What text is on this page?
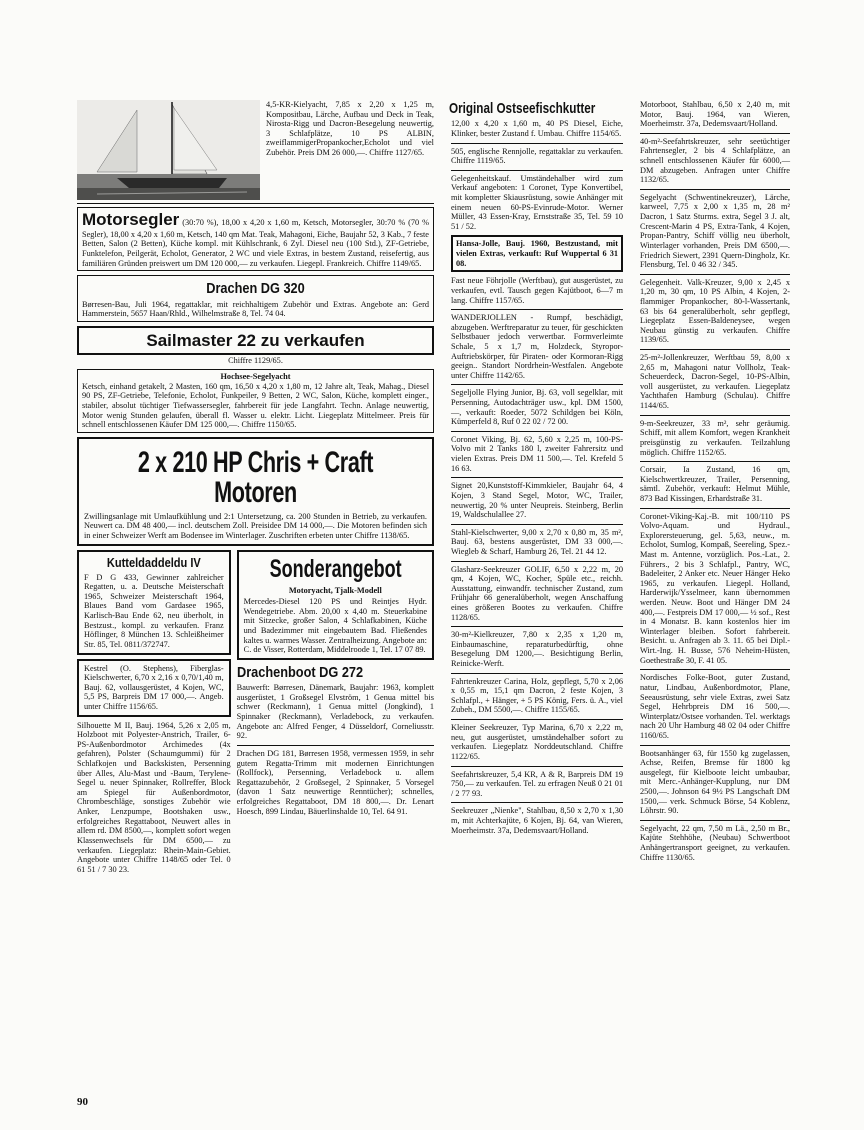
4,5-KR-Kielyacht, 7,85 x 2,20 x 1,25 m, Kompositbau, Lärche, Aufbau und Deck in Teak, Nirosta-Rigg und Dacron-Besegelung neuwertig, 3 Schlafplätze, 10 PS ALBIN, zweiflammigerPropankocher,Echolot und viel Zubehör. Preis DM 26 000,—. Chiffre 1127/65.

Motorsegler (30:70 %), 18,00 x 4,20 x 1,60 m, Ketsch, Motorsegler, 30:70 % (70 % Segler), 18,00 x 4,20 x 1,60 m, Ketsch, 140 qm Mat. Teak, Mahagoni, Eiche, Baujahr 52, 3 Kab., 7 feste Betten, Salon (2 Betten), Küche kompl. mit Kühlschrank, 6 Zyl. Diesel neu (100 Std.), ZF-Getriebe, Funktelefon, Peilgerät, Echolot, Generator, 2 WC und viele Extras, in bestem Zustand, reisefertig, aus familiären Gründen preiswert um DM 120 000,— zu verkaufen. Liegepl. Frankreich. Chiffre 1149/65.
Drachen DG 320
Børresen-Bau, Juli 1964, regattaklar, mit reichhaltigem Zubehör und Extras. Angebote an: Gerd Hammerstein, 5657 Haan/Rhld., Wilhelmstraße 8, Tel. 74 04.
Sailmaster 22 zu verkaufen
Chiffre 1129/65.
Hochsee-Segelyacht
Ketsch, einhand getakelt, 2 Masten, 160 qm, 16,50 x 4,20 x 1,80 m, 12 Jahre alt, Teak, Mahag., Diesel 90 PS, ZF-Getriebe, Telefonie, Echolot, Funkpeiler, 9 Betten, 2 WC, Salon, Küche, komplett einger., stabiler, absolut tüchtiger Tiefwassersegler, fahrbereit für jede Langfahrt. Techn. Anlage neuwertig, Motor wenig Stunden gelaufen, überall fl. Wasser u. elektr. Licht. Liegeplatz Mittelmeer. Preis für schnell entschlossenen Käufer DM 125 000,—. Chiffre 1150/65.
2 x 210 HP Chris + Craft Motoren
Zwillingsanlage mit Umlaufkühlung und 2:1 Untersetzung, ca. 200 Stunden in Betrieb, zu verkaufen. Neuwert ca. DM 48 400,— incl. deutschem Zoll. Preisidee DM 14 000,—. Die Motoren befinden sich in einer Schweizer Werft am Bodensee im Winterlager. Zuschriften erbeten unter Chiffre 1138/65.
Kutteldaddeldu IV
F D G 433, Gewinner zahlreicher Regatten, u. a. Deutsche Meisterschaft 1965, Schweizer Meisterschaft 1964, Blaues Band vom Gardasee 1965, Karlisch-Bau Ende 62, neu überholt, in Bestzust., kompl. zu verkaufen. Franz Höflinger, 8 München 13. Schleißheimer Str. 85, Tel. 0811/372747.
Kestrel (O. Stephens), Fiberglas-Kielschwerter, 6,70 x 2,16 x 0,70/1,40 m, Bauj. 62, vollausgerüstet, 4 Kojen, WC, 5,5 PS, Barpreis DM 17 000,—. Angeb. unter Chiffre 1156/65.

Silhouette M II, Bauj. 1964, 5,26 x 2,05 m, Holzboot mit Polyester-Anstrich, Trailer, 6-PS-Außenbordmotor Archimedes (4x gefahren), Polster (Schaumgummi) für 2 Schlafkojen und Backskisten, Persenning über Alles, Alu-Mast und -Baum, Terylene-Segel u. neuer Spinnaker, Rollreffer, Block am Spiegel für Außenbordmotor, Chrombeschläge, sonstiges Zubehör wie Anker, Lenzpumpe, Bootshaken usw., erfolgreiches Regattaboot, Neuwert alles in allem rd. DM 8500,—, komplett sofort wegen Klassenwechsels für DM 6500,— zu verkaufen. Liegeplatz: Rhein-Main-Gebiet. Angebote unter Chiffre 1148/65 oder Tel. 0 61 51 / 7 30 23.

Sonderangebot
Motoryacht, Tjalk-Modell
Mercedes-Diesel 120 PS und Reintjes Hydr. Wendegetriebe. Abm. 20,00 x 4,40 m. Steuerkabine mit Sitzecke, großer Salon, 4 Schlafkabinen, Küche und Badezimmer mit eingebautem Bad. Fließendes kaltes u. warmes Wasser. Zentralheizung. Angebote an: C. de Visser, Rotterdam, Middelroode 1, Tel. 17 07 89.
Drachenboot DG 272

Bauwerft: Børresen, Dänemark, Baujahr: 1963, komplett ausgerüstet, 1 Großsegel Elvström, 1 Genua mittel bis schwer (Reckmann), 1 Genua mittel (Jongkind), 1 Spinnaker (Reckmann), Verladebock, zu verkaufen. Angebote an: Alfred Fenger, 4 Düsseldorf, Corneliusstr. 92.

Drachen DG 181, Børresen 1958, vermessen 1959, in sehr gutem Regatta-Trimm mit modernen Einrichtungen (Rollfock), Persenning, Verladebock u. allem Regattazubehör, 2 Großsegel, 2 Spinnaker, 5 Vorsegel (davon 1 Satz neuwertige Renntücher); schnelles, erfolgreiches Regattaboot, DM 18 800,—. Dr. Lenart Hoesch, 899 Lindau, Bäuerlinshalde 10, Tel. 64 91.

Original Ostseefischkutter

12,00 x 4,20 x 1,60 m, 40 PS Diesel, Eiche, Klinker, bester Zustand f. Umbau. Chiffre 1154/65.

505, englische Rennjolle, regattaklar zu verkaufen. Chiffre 1119/65.

Gelegenheitskauf. Umständehalber wird zum Verkauf angeboten: 1 Coronet, Type Konvertibel, mit kompletter Skiausrüstung, sowie Anhänger mit einem neuen 60-PS-Evinrude-Motor. Werner Müller, 43 Essen-Kray, Ernststraße 35, Tel. 59 10 51 / 52.

Hansa-Jolle, Bauj. 1960, Bestzustand, mit vielen Extras, verkauft: Ruf Wuppertal 6 31 08.

Fast neue Föhrjolle (Werftbau), gut ausgerüstet, zu verkaufen, evtl. Tausch gegen Kajütboot, 6—7 m lang. Chiffre 1157/65.

WANDERJOLLEN - Rumpf, beschädigt, abzugeben. Werftreparatur zu teuer, für geschickten Selbstbauer jedoch verwertbar. Formverleimte Schale, 5 x 1,7 m, Holzdeck, Styropor-Auftriebskörper, für Piraten- oder Kormoran-Rigg geeign.. Standort Nordrhein-Westfalen. Angebote unter Chiffre 1142/65.

Segeljolle Flying Junior, Bj. 63, voll segelklar, mit Persenning, Autodachträger usw., kpl. DM 1500,—, verkauft: Roeder, 5072 Schildgen bei Köln, Kümperfeld 8, Ruf 0 22 02 / 72 00.

Coronet Viking, Bj. 62, 5,60 x 2,25 m, 100-PS-Volvo mit 2 Tanks 180 l, zweiter Fahrersitz und vielen Extras. Preis DM 11 500,—. Tel. Krefeld 5 16 63.

Signet 20,Kunststoff-Kimmkieler, Baujahr 64, 4 Kojen, 3 Stand Segel, Motor, WC, Trailer, neuwertig, 20 % unter Neupreis. Steinberg, Berlin 19, Waldschulallee 27.

Stahl-Kielschwerter, 9,00 x 2,70 x 0,80 m, 35 m², Bauj. 63, bestens ausgerüstet, DM 33 000,—. Wiegleb & Scharf, Hamburg 26, Tel. 21 44 12.

Glasharz-Seekreuzer GOLIF, 6,50 x 2,22 m, 20 qm, 4 Kojen, WC, Kocher, Spüle etc., reichh. Ausstattung, einwandfr. technischer Zustand, zum Frühjahr 66 generalüberholt, wegen Anschaffung eines größeren Bootes zu verkaufen. Chiffre 1128/65.

30-m²-Kielkreuzer, 7,80 x 2,35 x 1,20 m, Einbaumaschine, reparaturbedürftig, ohne Besegelung DM 1200,—. Besichtigung Berlin, Reinicke-Werft.

Fahrtenkreuzer Carina, Holz, gepflegt, 5,70 x 2,06 x 0,55 m, 15,1 qm Dacron, 2 feste Kojen, 3 Schlafpl., + Hänger, + 5 PS König, Fers. ü. A., viel Zubeh., DM 5500,—. Chiffre 1155/65.

Kleiner Seekreuzer, Typ Marina, 6,70 x 2,22 m, neu, gut ausgerüstet, umständehalber sofort zu verkaufen. Liegeplatz Norddeutschland. Chiffre 1122/65.

Seefahrtskreuzer, 5,4 KR, A & R, Barpreis DM 19 750,— zu verkaufen. Tel. zu erfragen Neuß 0 21 01 / 2 77 93.

Seekreuzer „Nienke", Stahlbau, 8,50 x 2,70 x 1,30 m, mit Achterkajüte, 6 Kojen, Bj. 64, van Wieren, Moerheimstr. 37a, Dedemsvaart/Holland.

Motorboot, Stahlbau, 6,50 x 2,40 m, mit Motor, Bauj. 1964, van Wieren, Moerheimstr. 37a, Dedemsvaart/Holland.

40-m²-Seefahrtskreuzer, sehr seetüchtiger Fahrtensegler, 2 bis 4 Schlafplätze, an schnell entschlossenen Käufer für 6000,— DM abzugeben. Anfragen unter Chiffre 1132/65.

Segelyacht (Schwentinekreuzer), Lärche, karweel, 7,75 x 2,00 x 1,35 m, 28 m² Dacron, 1 Satz Sturms. extra, Segel 3 J. alt, Crescent-Marin 4 PS, Extra-Tank, 4 Kojen, Propan-Pantry, Schiff völlig neu überholt, Winterlager vorhanden, Preis DM 6500,—. Friedrich Siewert, 2391 Quern-Dingholz, Kr. Flensburg, Tel. 0 46 32 / 345.

Gelegenheit. Valk-Kreuzer, 9,00 x 2,45 x 1,20 m, 30 qm, 10 PS Albin, 4 Kojen, 2-flammiger Propankocher, 80-l-Wassertank, 63 bis 64 generalüberholt, sehr gepflegt, Liegeplatz Essen-Baldeneysee, wegen Neubau günstig zu verkaufen. Chiffre 1139/65.

25-m²-Jollenkreuzer, Werftbau 59, 8,00 x 2,65 m, Mahagoni natur Vollholz, Teak-Scheuerdeck, Dacron-Segel, 10-PS-Albin, voll ausgerüstet, zu verkaufen. Liegeplatz Yachthafen Hamburg (Schulau). Chiffre 1144/65.

9-m-Seekreuzer, 33 m², sehr geräumig. Schiff, mit allem Komfort, wegen Krankheit preisgünstig zu verkaufen. Teilzahlung möglich. Chiffre 1152/65.

Corsair, Ia Zustand, 16 qm, Kielschwertkreuzer, Trailer, Persenning, sämtl. Zubehör, verkauft: Helmut Mühle, 873 Bad Kissingen, Erhardstraße 31.

Coronet-Viking-Kaj.-B. mit 100/110 PS Volvo-Aquam. und Hydraul., Explorersteuerung, gel. 5,63, neuw., m. Echolot, Sumlog, Kompaß, Seereling, Spez.-Mast m. Antenne, vorzüglich. Pos.-Lat., 2. Führers., 2 bis 3 Schlafpl., Pantry, WC, Badeleiter, 2 Anker etc. Neuer Hänger Heko 1965, zu verkaufen. Liegepl. Holland, Harderwijk/Ysselmeer, kann übernommen werden. Neuw. Boot und Hänger DM 24 400,—. Festpreis DM 17 000,— ½ sof., Rest in 4 Monatsr. B. kann kostenlos hier im Winterlager bleiben. Sofort fahrbereit. Besicht. u. Anfragen ab 3. 11. 65 bei Dipl.-Wirt.-Ing. H. Busse, 576 Neheim-Hüsten, Goethestraße 30, F. 41 05.

Nordisches Folke-Boot, guter Zustand, natur, Lindbau, Außenbordmotor, Plane, Seeausrüstung, sehr viele Extras, zwei Satz Segel, Hehrbpreis DM 16 500,—. Winterplatz/Ostsee vorhanden. Tel. werktags nach 20 Uhr Hamburg 48 02 04 oder Chiffre 1160/65.

Bootsanhänger 63, für 1550 kg zugelassen, Achse, Reifen, Bremse für 1800 kg ausgelegt, für Kielboote leicht umbaubar, mit Merc.-Anhänger-Kupplung, nur DM 2500,—. Johnson 64 9½ PS Langschaft DM 1500,— verk. Schmuck Börse, 54 Koblenz, Löhrstr. 90.

Segelyacht, 22 qm, 7,50 m Lä., 2,50 m Br., Kajüte Stehhöhe, (Neubau) Schwertboot Anhängertransport geeignet, zu verkaufen. Chiffre 1130/65.

90
